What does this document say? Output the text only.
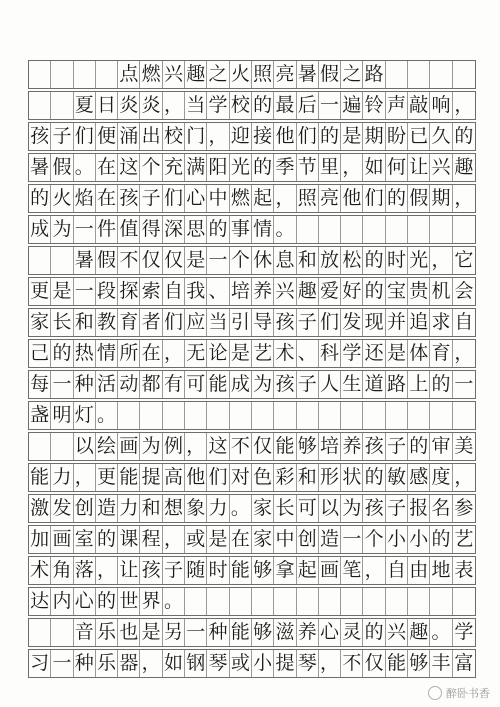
点 燃 兴 趣 之 火 照 亮 暑 假 之 路
夏 日 炎 炎 ， 当 学 校 的 最 后 一 遍 铃 声 敲 响 ，
孩 子 们 便 涌 出 校 门 ， 迎 接 他 们 的 是 期 盼 已 久 的
暑 假 。 在 这 个 充 满 阳 光 的 季 节 里 ， 如 何 让 兴 趣
的 火 焰 在 孩 子 们 心 中 燃 起 ， 照 亮 他 们 的 假 期 ，
成 为 一 件 值 得 深 思 的 事 情 。
暑 假 不 仅 仅 是 一 个 休 息 和 放 松 的 时 光 ， 它
更 是 一 段 探 索 自 我 、 培 养 兴 趣 爱 好 的 宝 贵 机 会
家 长 和 教 育 者 们 应 当 引 导 孩 子 们 发 现 并 追 求 自
己 的 热 情 所 在 ， 无 论 是 艺 术 、 科 学 还 是 体 育 ，
每 一 种 活 动 都 有 可 能 成 为 孩 子 人 生 道 路 上 的 一
盏 明 灯 。
以 绘 画 为 例 ， 这 不 仅 能 够 培 养 孩 子 的 审 美
能 力 ， 更 能 提 高 他 们 对 色 彩 和 形 状 的 敏 感 度 ，
激 发 创 造 力 和 想 象 力 。 家 长 可 以 为 孩 子 报 名 参
加 画 室 的 课 程 ， 或 是 在 家 中 创 造 一 个 小 小 的 艺
术 角 落 ， 让 孩 子 随 时 能 够 拿 起 画 笔 ， 自 由 地 表
达 内 心 的 世 界 。
音 乐 也 是 另 一 种 能 够 滋 养 心 灵 的 兴 趣 。 学
习 一 种 乐 器 ， 如 钢 琴 或 小 提 琴 ， 不 仅 能 够 丰 富
醉卧书香
